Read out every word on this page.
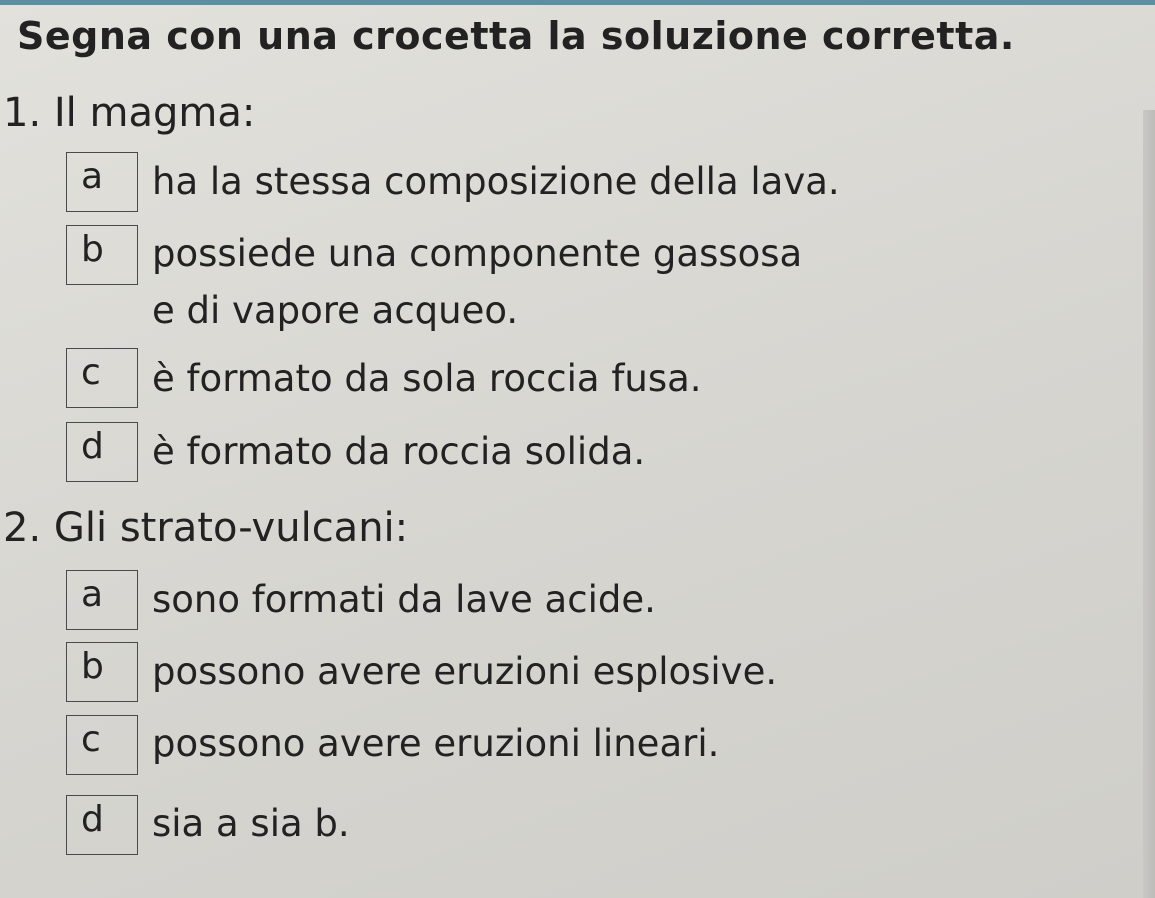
Segna con una crocetta la soluzione corretta.
1. Il magma:
a ha la stessa composizione della lava.
b possiede una componente gassosa
e di vapore acqueo.
c è formato da sola roccia fusa.
d è formato da roccia solida.
2. Gli strato-vulcani:
a sono formati da lave acide.
b possono avere eruzioni esplosive.
c possono avere eruzioni lineari.
d sia a sia b.
